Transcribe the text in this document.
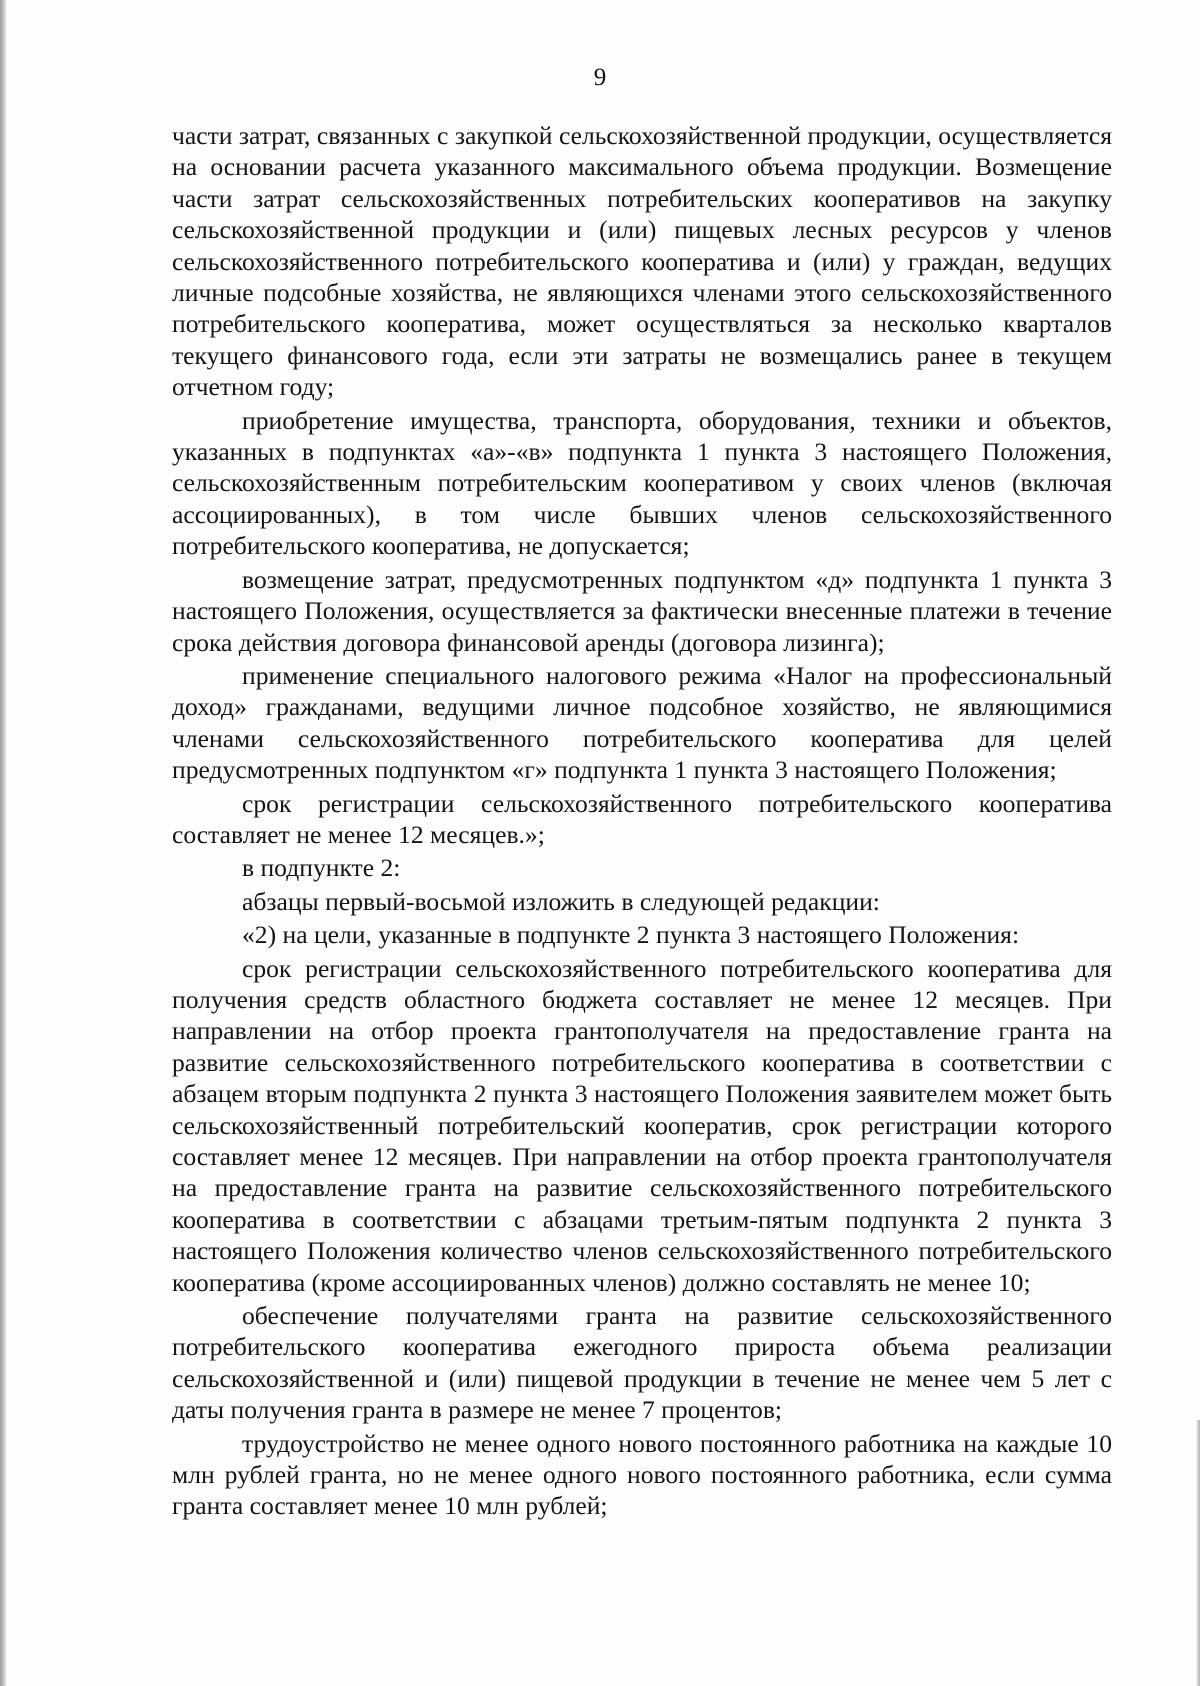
9

части затрат, связанных с закупкой сельскохозяйственной продукции, осуществляется на основании расчета указанного максимального объема продукции. Возмещение части затрат сельскохозяйственных потребительских кооперативов на закупку сельскохозяйственной продукции и (или) пищевых лесных ресурсов у членов сельскохозяйственного потребительского кооператива и (или) у граждан, ведущих личные подсобные хозяйства, не являющихся членами этого сельскохозяйственного потребительского кооператива, может осуществляться за несколько кварталов текущего финансового года, если эти затраты не возмещались ранее в текущем отчетном году;

приобретение имущества, транспорта, оборудования, техники и объектов, указанных в подпунктах «а»-«в» подпункта 1 пункта 3 настоящего Положения, сельскохозяйственным потребительским кооперативом у своих членов (включая ассоциированных), в том числе бывших членов сельскохозяйственного потребительского кооператива, не допускается;

возмещение затрат, предусмотренных подпунктом «д» подпункта 1 пункта 3 настоящего Положения, осуществляется за фактически внесенные платежи в течение срока действия договора финансовой аренды (договора лизинга);

применение специального налогового режима «Налог на профессиональный доход» гражданами, ведущими личное подсобное хозяйство, не являющимися членами сельскохозяйственного потребительского кооператива для целей предусмотренных подпунктом «г» подпункта 1 пункта 3 настоящего Положения;

срок регистрации сельскохозяйственного потребительского кооператива составляет не менее 12 месяцев.»;

в подпункте 2:

абзацы первый-восьмой изложить в следующей редакции:

«2) на цели, указанные в подпункте 2 пункта 3 настоящего Положения:

срок регистрации сельскохозяйственного потребительского кооператива для получения средств областного бюджета составляет не менее 12 месяцев. При направлении на отбор проекта грантополучателя на предоставление гранта на развитие сельскохозяйственного потребительского кооператива в соответствии с абзацем вторым подпункта 2 пункта 3 настоящего Положения заявителем может быть сельскохозяйственный потребительский кооператив, срок регистрации которого составляет менее 12 месяцев. При направлении на отбор проекта грантополучателя на предоставление гранта на развитие сельскохозяйственного потребительского кооператива в соответствии с абзацами третьим-пятым подпункта 2 пункта 3 настоящего Положения количество членов сельскохозяйственного потребительского кооператива (кроме ассоциированных членов) должно составлять не менее 10;

обеспечение получателями гранта на развитие сельскохозяйственного потребительского кооператива ежегодного прироста объема реализации сельскохозяйственной и (или) пищевой продукции в течение не менее чем 5 лет с даты получения гранта в размере не менее 7 процентов;

трудоустройство не менее одного нового постоянного работника на каждые 10 млн рублей гранта, но не менее одного нового постоянного работника, если сумма гранта составляет менее 10 млн рублей;
